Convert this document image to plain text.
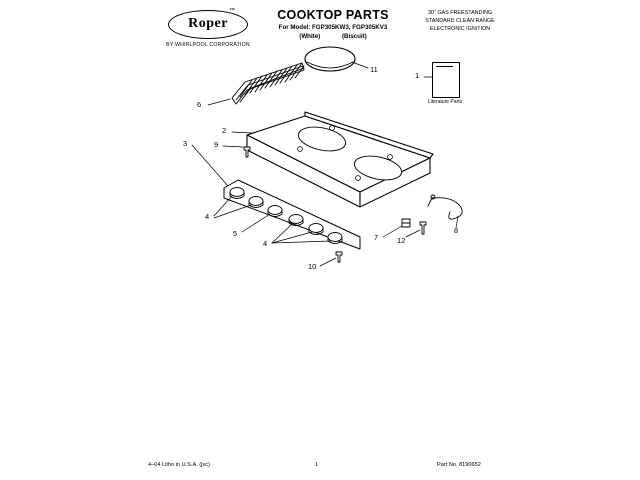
Roper
™
BY WHIRLPOOL CORPORATION
COOKTOP PARTS
For Model: FGP305KW3, FGP305KV3
(White)	(Biscuit)
30" GAS FREESTANDING
STANDARD CLEAN RANGE
ELECTRONIC IGNITION
Literature Parts
1
11
6
2
3	9
4
5
4
10
7	12
8
4–04 Litho in U.S.A. (jsc)	1	Part No. 8190652
